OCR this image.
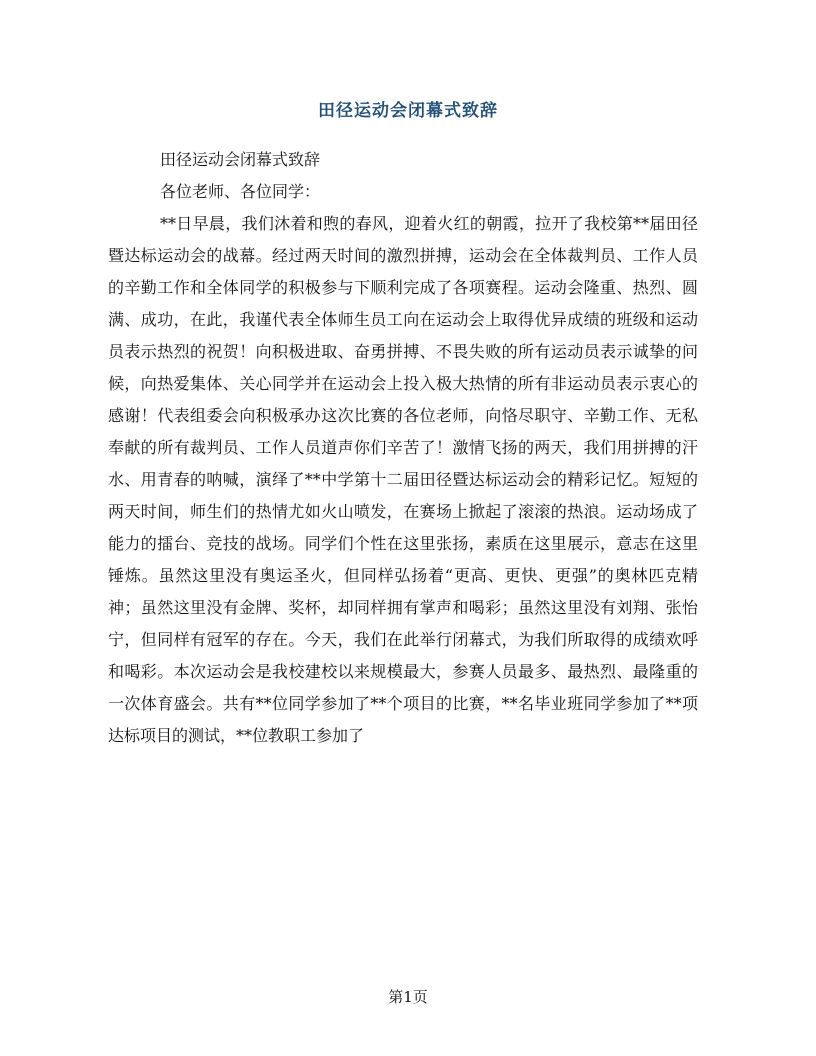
田径运动会闭幕式致辞

田径运动会闭幕式致辞

各位老师、各位同学：

**日早晨，我们沐着和煦的春风，迎着火红的朝霞，拉开了我校第**届田径暨达标运动会的战幕。经过两天时间的激烈拼搏，运动会在全体裁判员、工作人员的辛勤工作和全体同学的积极参与下顺利完成了各项赛程。运动会隆重、热烈、圆满、成功，在此，我谨代表全体师生员工向在运动会上取得优异成绩的班级和运动员表示热烈的祝贺！向积极进取、奋勇拼搏、不畏失败的所有运动员表示诚挚的问候，向热爱集体、关心同学并在运动会上投入极大热情的所有非运动员表示衷心的感谢！代表组委会向积极承办这次比赛的各位老师，向恪尽职守、辛勤工作、无私奉献的所有裁判员、工作人员道声你们辛苦了！激情飞扬的两天，我们用拼搏的汗水、用青春的呐喊，演绎了**中学第十二届田径暨达标运动会的精彩记忆。短短的两天时间，师生们的热情尤如火山喷发，在赛场上掀起了滚滚的热浪。运动场成了能力的擂台、竞技的战场。同学们个性在这里张扬，素质在这里展示，意志在这里锤炼。虽然这里没有奥运圣火，但同样弘扬着“更高、更快、更强”的奥林匹克精神；虽然这里没有金牌、奖杯，却同样拥有掌声和喝彩；虽然这里没有刘翔、张怡宁，但同样有冠军的存在。今天，我们在此举行闭幕式，为我们所取得的成绩欢呼和喝彩。本次运动会是我校建校以来规模最大，参赛人员最多、最热烈、最隆重的一次体育盛会。共有**位同学参加了**个项目的比赛，**名毕业班同学参加了**项达标项目的测试，**位教职工参加了

第1页
